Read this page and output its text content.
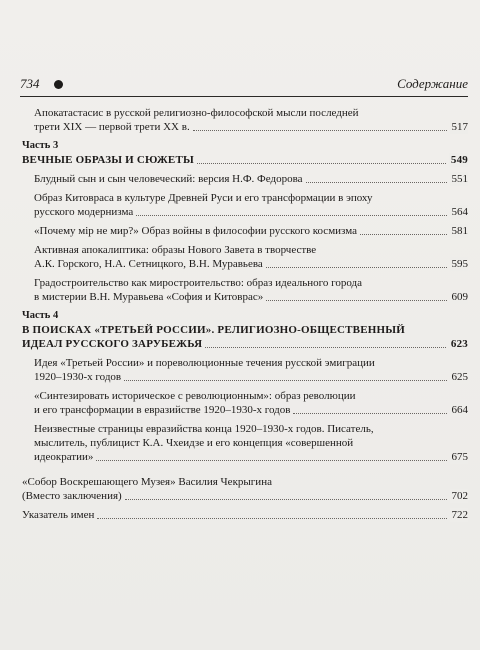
734	Содержание
Апокатастасис в русской религиозно-философской мысли последней
трети XIX — первой трети XX в.	517
Часть 3
ВЕЧНЫЕ ОБРАЗЫ И СЮЖЕТЫ	549
Блудный сын и сын человеческий: версия Н.Ф. Федорова	551
Образ Китовраса в культуре Древней Руси и его трансформации в эпоху
русского модернизма	564
«Почему мір не мир?» Образ войны в философии русского космизма	581
Активная апокалиптика: образы Нового Завета в творчестве
А.К. Горского, Н.А. Сетницкого, В.Н. Муравьева	595
Градостроительство как миростроительство: образ идеального города
в мистерии В.Н. Муравьева «София и Китоврас»	609
Часть 4
В ПОИСКАХ «ТРЕТЬЕЙ РОССИИ». РЕЛИГИОЗНО-ОБЩЕСТВЕННЫЙ
ИДЕАЛ РУССКОГО ЗАРУБЕЖЬЯ	623
Идея «Третьей России» и пореволюционные течения русской эмиграции
1920–1930-х годов	625
«Синтезировать историческое с революционным»: образ революции
и его трансформации в евразийстве 1920–1930-х годов	664
Неизвестные страницы евразийства конца 1920–1930-х годов. Писатель,
мыслитель, публицист К.А. Чхеидзе и его концепция «совершенной
идеократии»	675
«Собор Воскрешающего Музея» Василия Чекрыгина
(Вместо заключения)	702
Указатель имен	722
